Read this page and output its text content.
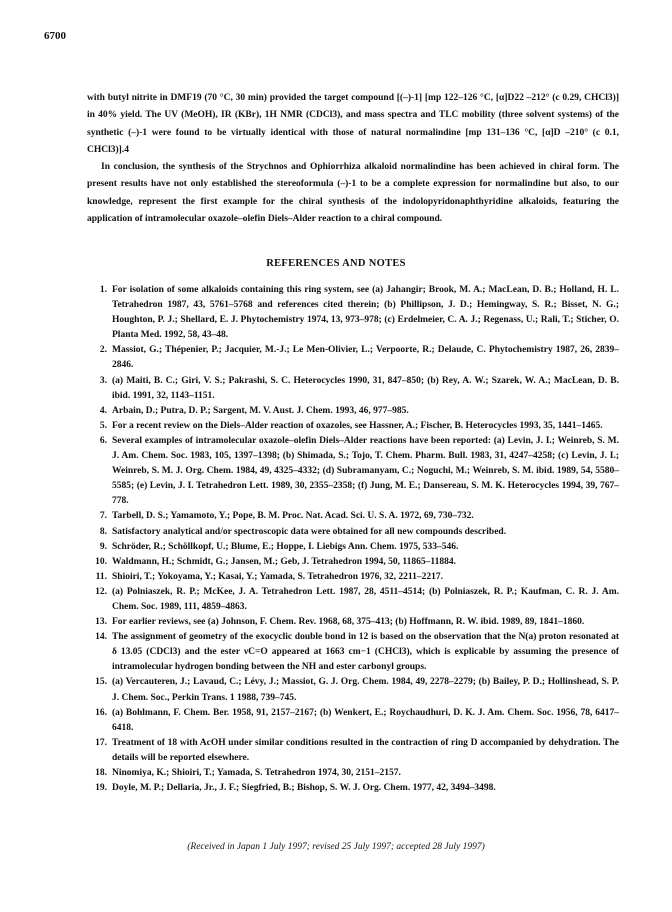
6700

with butyl nitrite in DMF19 (70 °C, 30 min) provided the target compound [(–)-1] [mp 122–126 °C, [α]D22 –212° (c 0.29, CHCl3)] in 40% yield. The UV (MeOH), IR (KBr), 1H NMR (CDCl3), and mass spectra and TLC mobility (three solvent systems) of the synthetic (–)-1 were found to be virtually identical with those of natural normalindine [mp 131–136 °C, [α]D –210° (c 0.1, CHCl3)].4

In conclusion, the synthesis of the Strychnos and Ophiorrhiza alkaloid normalindine has been achieved in chiral form. The present results have not only established the stereoformula (–)-1 to be a complete expression for normalindine but also, to our knowledge, represent the first example for the chiral synthesis of the indolopyridonaphthyridine alkaloids, featuring the application of intramolecular oxazole–olefin Diels–Alder reaction to a chiral compound.

REFERENCES AND NOTES
1. For isolation of some alkaloids containing this ring system, see (a) Jahangir; Brook, M. A.; MacLean, D. B.; Holland, H. L. Tetrahedron 1987, 43, 5761–5768 and references cited therein; (b) Phillipson, J. D.; Hemingway, S. R.; Bisset, N. G.; Houghton, P. J.; Shellard, E. J. Phytochemistry 1974, 13, 973–978; (c) Erdelmeier, C. A. J.; Regenass, U.; Rali, T.; Sticher, O. Planta Med. 1992, 58, 43–48.
2. Massiot, G.; Thépenier, P.; Jacquier, M.-J.; Le Men-Olivier, L.; Verpoorte, R.; Delaude, C. Phytochemistry 1987, 26, 2839–2846.
3. (a) Maiti, B. C.; Giri, V. S.; Pakrashi, S. C. Heterocycles 1990, 31, 847–850; (b) Rey, A. W.; Szarek, W. A.; MacLean, D. B. ibid. 1991, 32, 1143–1151.
4. Arbain, D.; Putra, D. P.; Sargent, M. V. Aust. J. Chem. 1993, 46, 977–985.
5. For a recent review on the Diels–Alder reaction of oxazoles, see Hassner, A.; Fischer, B. Heterocycles 1993, 35, 1441–1465.
6. Several examples of intramolecular oxazole–olefin Diels–Alder reactions have been reported: (a) Levin, J. I.; Weinreb, S. M. J. Am. Chem. Soc. 1983, 105, 1397–1398; (b) Shimada, S.; Tojo, T. Chem. Pharm. Bull. 1983, 31, 4247–4258; (c) Levin, J. I.; Weinreb, S. M. J. Org. Chem. 1984, 49, 4325–4332; (d) Subramanyam, C.; Noguchi, M.; Weinreb, S. M. ibid. 1989, 54, 5580–5585; (e) Levin, J. I. Tetrahedron Lett. 1989, 30, 2355–2358; (f) Jung, M. E.; Dansereau, S. M. K. Heterocycles 1994, 39, 767–778.
7. Tarbell, D. S.; Yamamoto, Y.; Pope, B. M. Proc. Nat. Acad. Sci. U. S. A. 1972, 69, 730–732.
8. Satisfactory analytical and/or spectroscopic data were obtained for all new compounds described.
9. Schröder, R.; Schöllkopf, U.; Blume, E.; Hoppe, I. Liebigs Ann. Chem. 1975, 533–546.
10. Waldmann, H.; Schmidt, G.; Jansen, M.; Geb, J. Tetrahedron 1994, 50, 11865–11884.
11. Shioiri, T.; Yokoyama, Y.; Kasai, Y.; Yamada, S. Tetrahedron 1976, 32, 2211–2217.
12. (a) Polniaszek, R. P.; McKee, J. A. Tetrahedron Lett. 1987, 28, 4511–4514; (b) Polniaszek, R. P.; Kaufman, C. R. J. Am. Chem. Soc. 1989, 111, 4859–4863.
13. For earlier reviews, see (a) Johnson, F. Chem. Rev. 1968, 68, 375–413; (b) Hoffmann, R. W. ibid. 1989, 89, 1841–1860.
14. The assignment of geometry of the exocyclic double bond in 12 is based on the observation that the N(a) proton resonated at δ 13.05 (CDCl3) and the ester νC=O appeared at 1663 cm−1 (CHCl3), which is explicable by assuming the presence of intramolecular hydrogen bonding between the NH and ester carbonyl groups.
15. (a) Vercauteren, J.; Lavaud, C.; Lévy, J.; Massiot, G. J. Org. Chem. 1984, 49, 2278–2279; (b) Bailey, P. D.; Hollinshead, S. P. J. Chem. Soc., Perkin Trans. 1 1988, 739–745.
16. (a) Bohlmann, F. Chem. Ber. 1958, 91, 2157–2167; (b) Wenkert, E.; Roychaudhuri, D. K. J. Am. Chem. Soc. 1956, 78, 6417–6418.
17. Treatment of 18 with AcOH under similar conditions resulted in the contraction of ring D accompanied by dehydration. The details will be reported elsewhere.
18. Ninomiya, K.; Shioiri, T.; Yamada, S. Tetrahedron 1974, 30, 2151–2157.
19. Doyle, M. P.; Dellaria, Jr., J. F.; Siegfried, B.; Bishop, S. W. J. Org. Chem. 1977, 42, 3494–3498.
(Received in Japan 1 July 1997; revised 25 July 1997; accepted 28 July 1997)
